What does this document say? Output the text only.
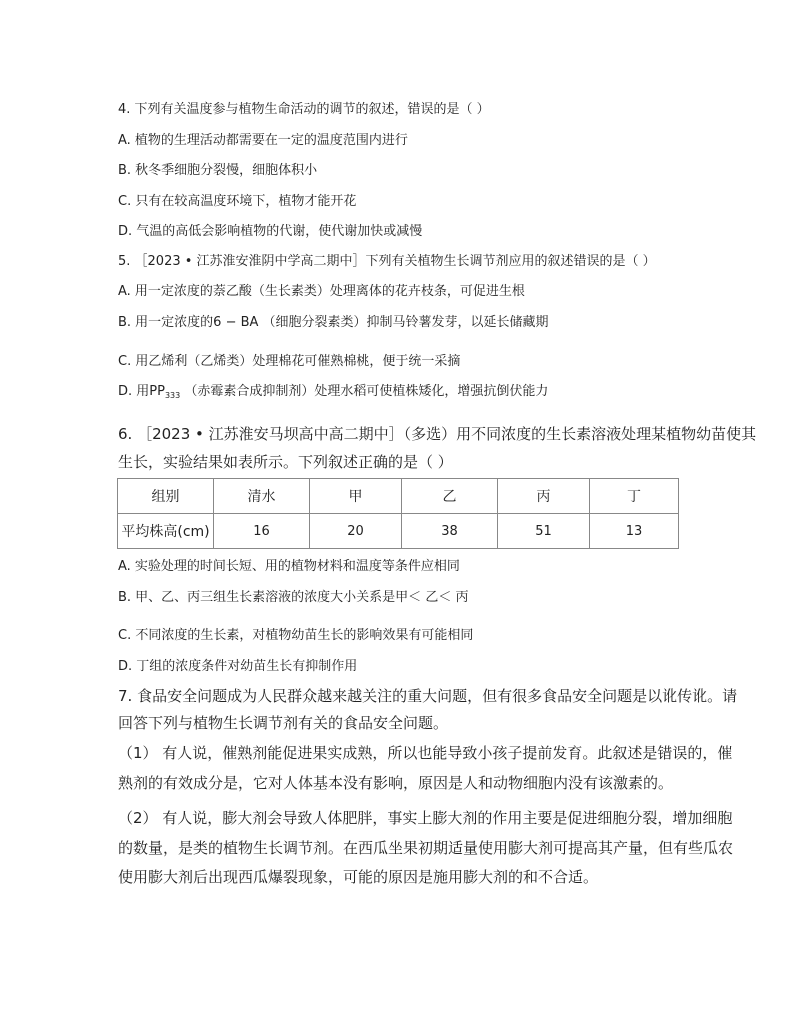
4. 下列有关温度参与植物生命活动的调节的叙述，错误的是（ ）
A. 植物的生理活动都需要在一定的温度范围内进行
B. 秋冬季细胞分裂慢，细胞体积小
C. 只有在较高温度环境下，植物才能开花
D. 气温的高低会影响植物的代谢，使代谢加快或减慢
5. ［2023 • 江苏淮安淮阴中学高二期中］下列有关植物生长调节剂应用的叙述错误的是（ ）
A. 用一定浓度的萘乙酸（生长素类）处理离体的花卉枝条，可促进生根
B. 用一定浓度的6 − BA （细胞分裂素类）抑制马铃薯发芽，以延长储藏期
C. 用乙烯利（乙烯类）处理棉花可催熟棉桃，便于统一采摘
D. 用$PP_{333}$ （赤霉素合成抑制剂）处理水稻可使植株矮化，增强抗倒伏能力
6. ［2023 • 江苏淮安马坝高中高二期中］（多选）用不同浓度的生长素溶液处理某植物幼苗使其
生长，实验结果如表所示。下列叙述正确的是（ ）
组别	清水	甲	乙	丙	丁
平均株高(cm)	16	20	38	51	13
A. 实验处理的时间长短、用的植物材料和温度等条件应相同
B. 甲、乙、丙三组生长素溶液的浓度大小关系是甲＜ 乙＜ 丙
C. 不同浓度的生长素，对植物幼苗生长的影响效果有可能相同
D. 丁组的浓度条件对幼苗生长有抑制作用
7. 食品安全问题成为人民群众越来越关注的重大问题，但有很多食品安全问题是以讹传讹。请
回答下列与植物生长调节剂有关的食品安全问题。
（1） 有人说，催熟剂能促进果实成熟，所以也能导致小孩子提前发育。此叙述是错误的，催
熟剂的有效成分是，它对人体基本没有影响，原因是人和动物细胞内没有该激素的。
（2） 有人说，膨大剂会导致人体肥胖，事实上膨大剂的作用主要是促进细胞分裂，增加细胞
的数量，是类的植物生长调节剂。在西瓜坐果初期适量使用膨大剂可提高其产量，但有些瓜农
使用膨大剂后出现西瓜爆裂现象，可能的原因是施用膨大剂的和不合适。
